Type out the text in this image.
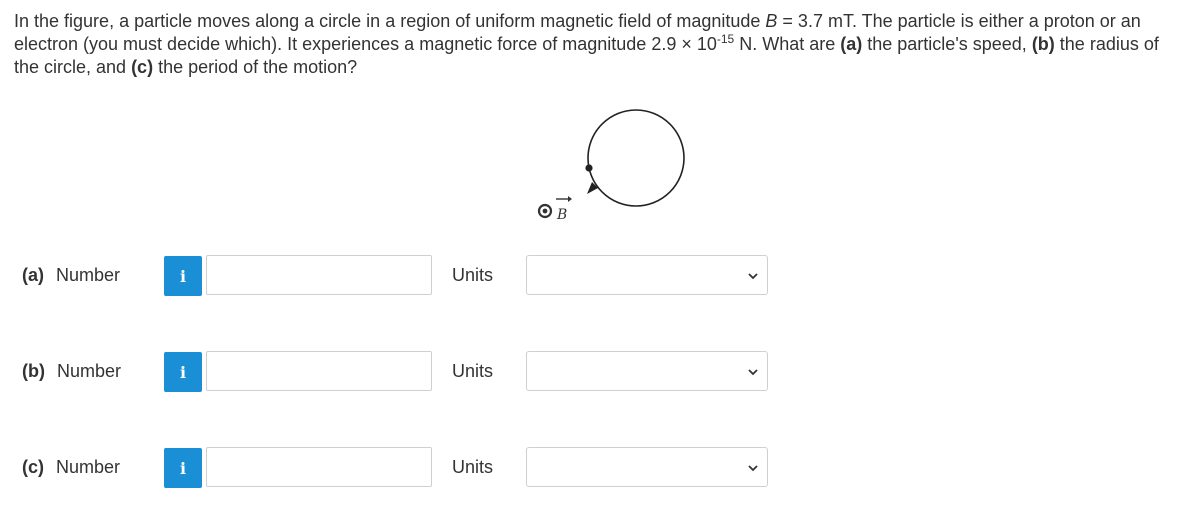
In the figure, a particle moves along a circle in a region of uniform magnetic field of magnitude B = 3.7 mT. The particle is either a proton or an electron (you must decide which). It experiences a magnetic force of magnitude $2.9 \times 10^{-15}$ N. What are (a) the particle's speed, (b) the radius of the circle, and (c) the period of the motion?
B
(a) Number	i	Units
(b) Number	i	Units
(c) Number	i	Units
